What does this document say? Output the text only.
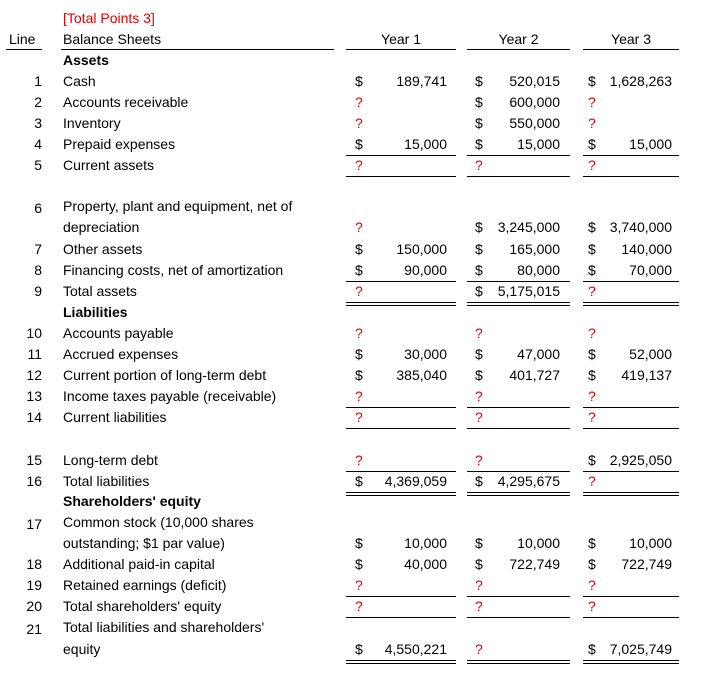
[Total Points 3]
Line Balance Sheets	Year 1	Year 2	Year 3
Assets
Liabilities
Shareholders' equity
1 Cash	$	189,741 $	520,015 $ 1,628,263
2 Accounts receivable	?	$	600,000 ?
3 Inventory	?	$	550,000 ?
4 Prepaid expenses	$	15,000 $	15,000 $	15,000
5 Current assets	?	?	?
6 Property, plant and equipment, net of
depreciation	?	$	3,245,000 $ 3,740,000
7 Other assets	$	150,000 $	165,000 $	140,000
8 Financing costs, net of amortization	$	90,000 $	80,000 $	70,000
9 Total assets	?	$	5,175,015 ?
10 Accounts payable	?	?	?
11 Accrued expenses	$	30,000 $	47,000 $	52,000
12 Current portion of long-term debt	$	385,040 $	401,727 $	419,137
13 Income taxes payable (receivable)	?	?	?
14 Current liabilities	?	?	?
15 Long-term debt	?	?	$ 2,925,050
16 Total liabilities	$	4,369,059 $	4,295,675 ?
17 Common stock (10,000 shares
outstanding; $1 par value)	$	10,000 $	10,000 $	10,000
18 Additional paid-in capital	$	40,000 $	722,749 $	722,749
19 Retained earnings (deficit)	?	?	?
20 Total shareholders' equity	?	?	?
21 Total liabilities and shareholders'
equity	$	4,550,221 ?	$ 7,025,749
